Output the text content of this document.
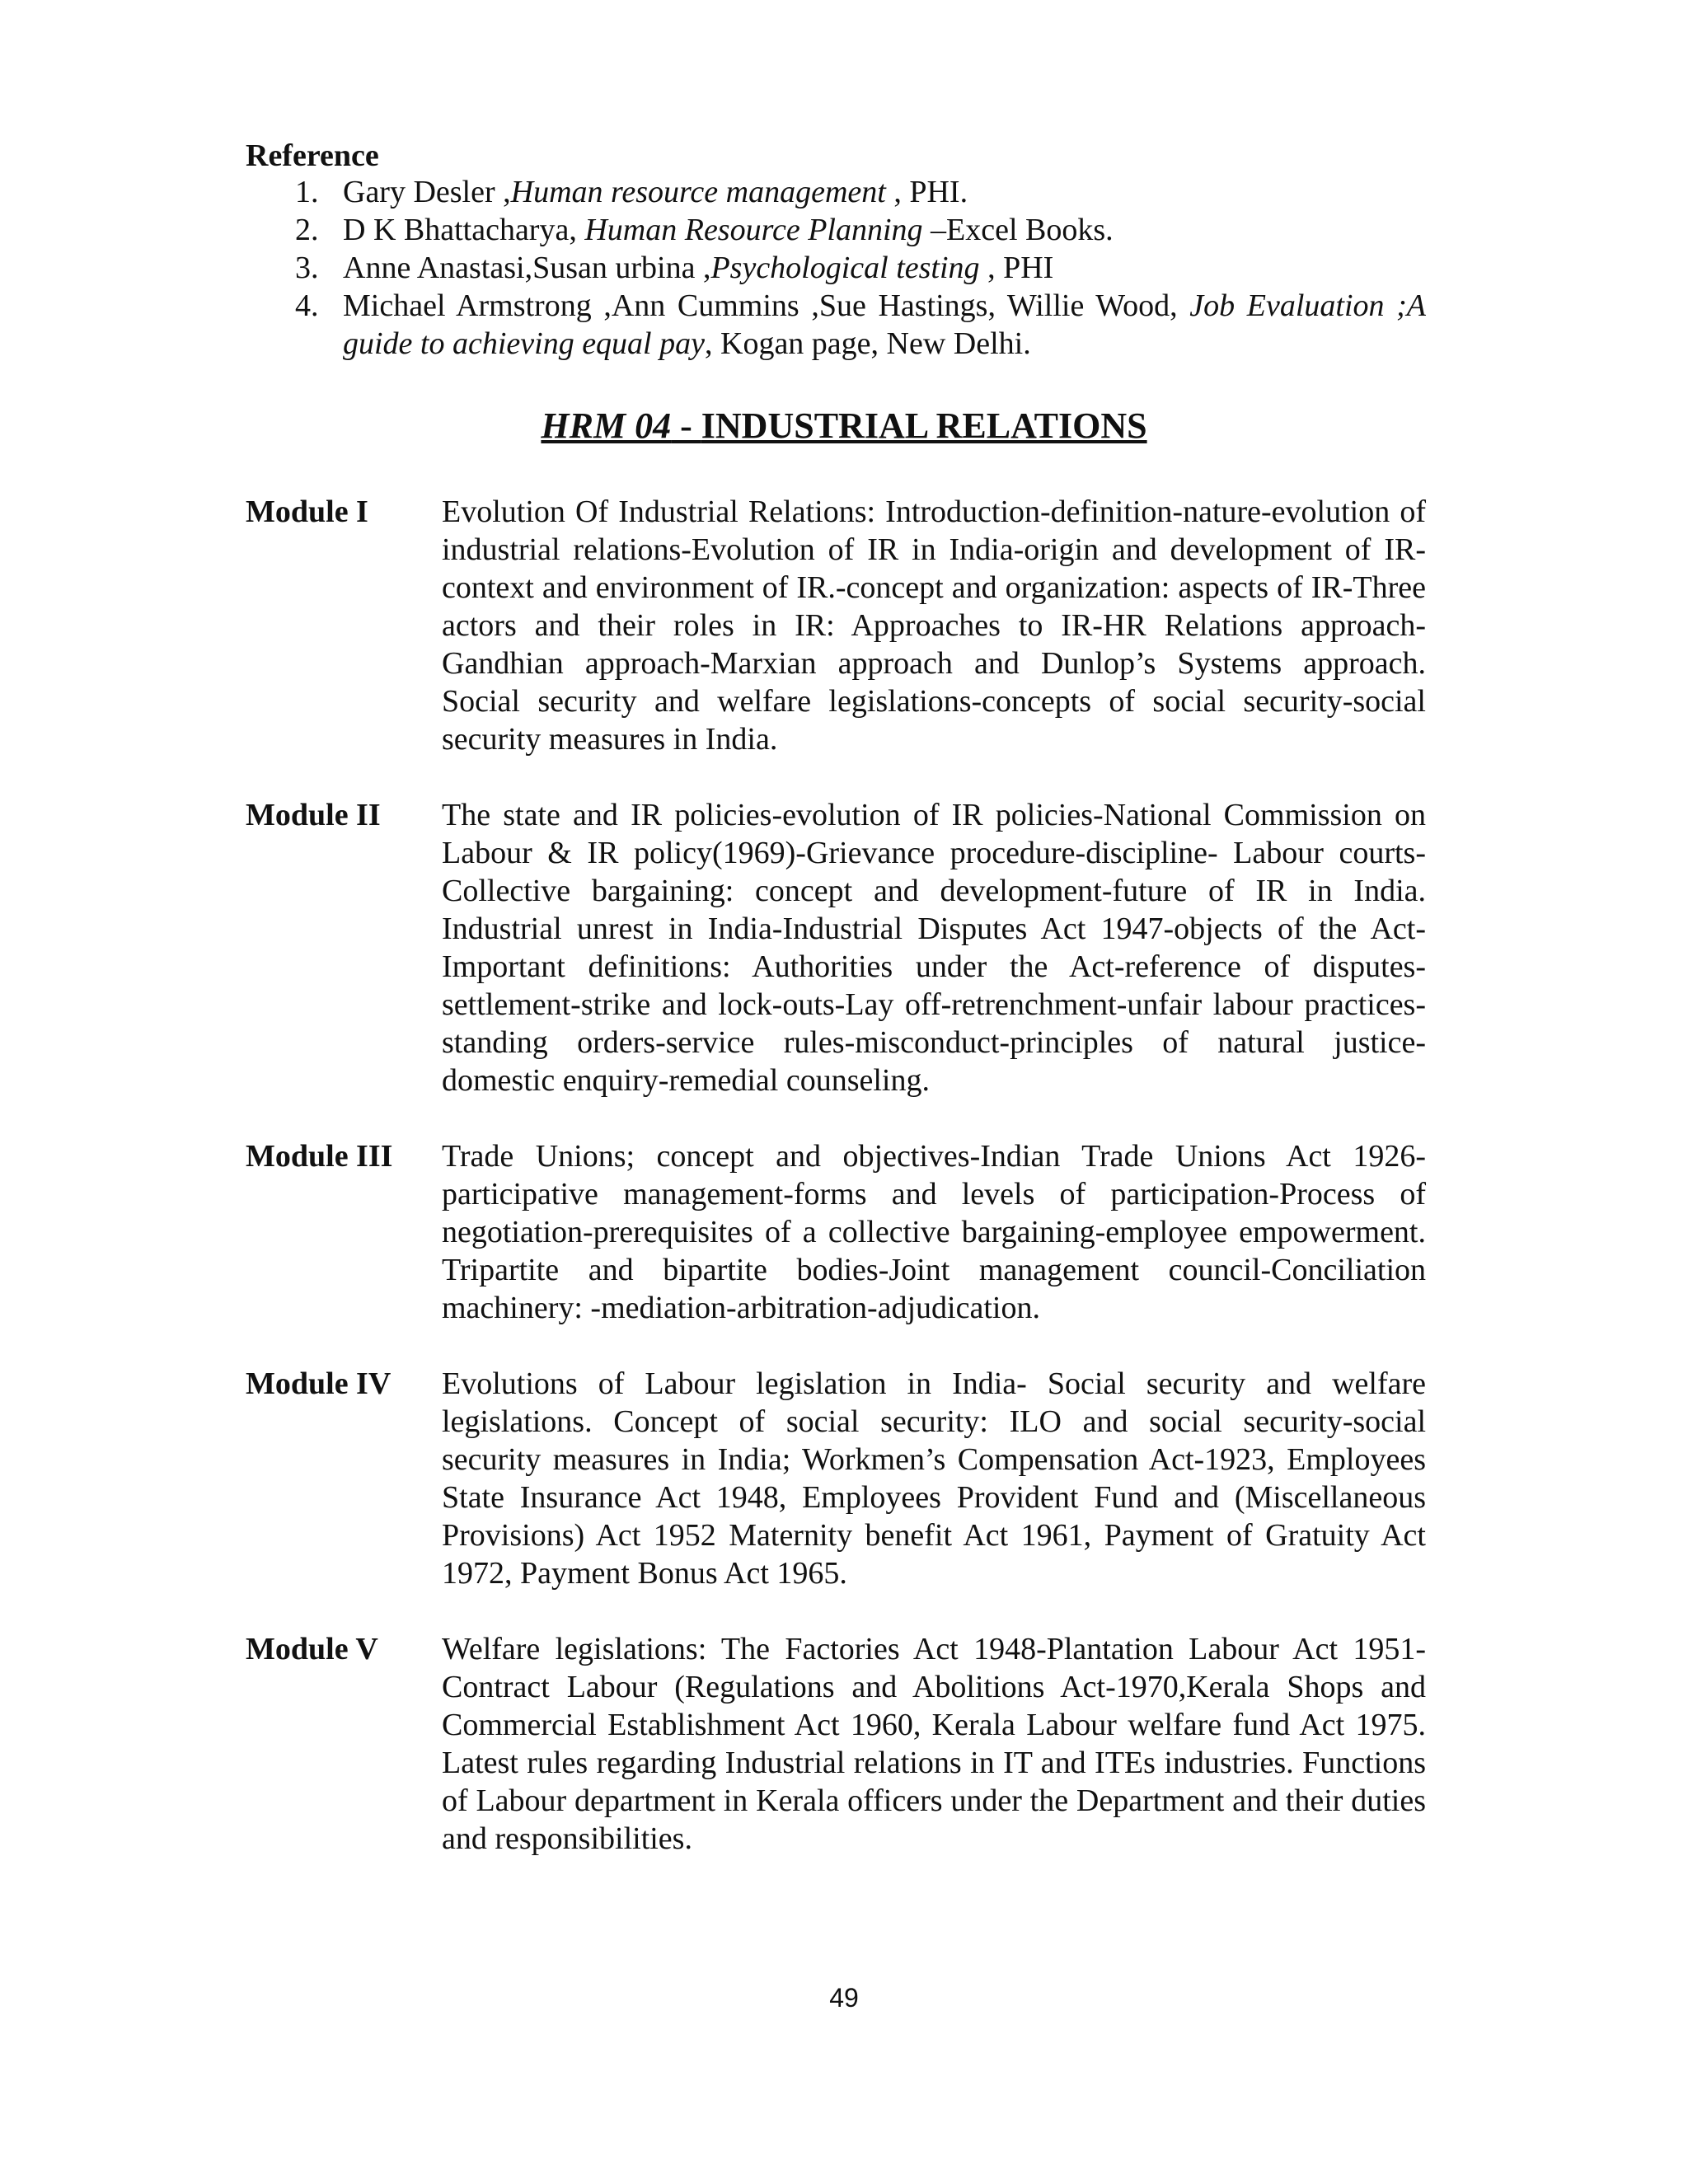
Reference
1. Gary Desler ,Human resource management , PHI.
2. D K Bhattacharya, Human Resource Planning –Excel Books.
3. Anne Anastasi,Susan urbina ,Psychological testing , PHI
4. Michael Armstrong ,Ann Cummins ,Sue Hastings, Willie Wood, Job Evaluation ;A guide to achieving equal pay, Kogan page, New Delhi.
HRM 04 - INDUSTRIAL RELATIONS
Module I Evolution Of Industrial Relations: Introduction-definition-nature-evolution of industrial relations-Evolution of IR in India-origin and development of IR-context and environment of IR.-concept and organization: aspects of IR-Three actors and their roles in IR: Approaches to IR-HR Relations approach-Gandhian approach-Marxian approach and Dunlop’s Systems approach. Social security and welfare legislations-concepts of social security-social security measures in India.

Module II The state and IR policies-evolution of IR policies-National Commission on Labour & IR policy(1969)-Grievance procedure-discipline- Labour courts-Collective bargaining: concept and development-future of IR in India. Industrial unrest in India-Industrial Disputes Act 1947-objects of the Act-Important definitions: Authorities under the Act-reference of disputes-settlement-strike and lock-outs-Lay off-retrenchment-unfair labour practices-standing orders-service rules-misconduct-principles of natural justice-domestic enquiry-remedial counseling.

Module III Trade Unions; concept and objectives-Indian Trade Unions Act 1926-participative management-forms and levels of participation-Process of negotiation-prerequisites of a collective bargaining-employee empowerment. Tripartite and bipartite bodies-Joint management council-Conciliation machinery: -mediation-arbitration-adjudication.

Module IV Evolutions of Labour legislation in India- Social security and welfare legislations. Concept of social security: ILO and social security-social security measures in India; Workmen’s Compensation Act-1923, Employees State Insurance Act 1948, Employees Provident Fund and (Miscellaneous Provisions) Act 1952 Maternity benefit Act 1961, Payment of Gratuity Act 1972, Payment Bonus Act 1965.

Module V Welfare legislations: The Factories Act 1948-Plantation Labour Act 1951-Contract Labour (Regulations and Abolitions Act-1970,Kerala Shops and Commercial Establishment Act 1960, Kerala Labour welfare fund Act 1975. Latest rules regarding Industrial relations in IT and ITEs industries. Functions of Labour department in Kerala officers under the Department and their duties and responsibilities.

49
